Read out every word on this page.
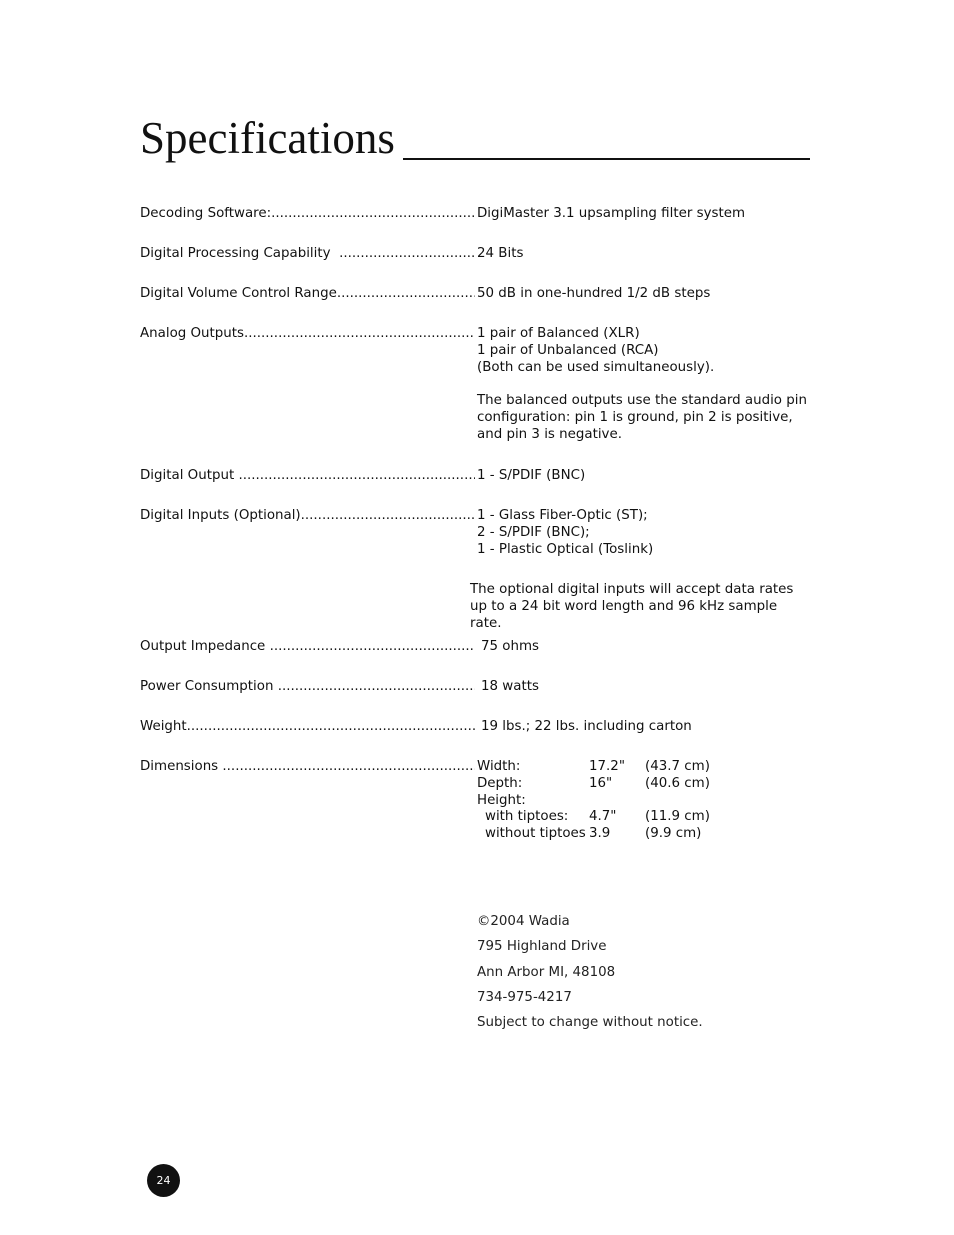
Specifications
Decoding Software: .....	DigiMaster 3.1 upsampling filter system
Digital Processing Capability   .....	24 Bits
Digital Volume Control Range .....	50 dB in one-hundred 1/2 dB steps
Analog Outputs .....	1 pair of Balanced (XLR)
1 pair of Unbalanced (RCA)
(Both can be used simultaneously).
The balanced outputs use the standard audio pin configuration: pin 1 is ground, pin 2 is positive, and pin 3 is negative.
Digital Output  .....	1 - S/PDIF (BNC)
Digital Inputs (Optional) .....	1 - Glass Fiber-Optic (ST);
2 - S/PDIF (BNC);
1 - Plastic Optical (Toslink)
The optional digital inputs will accept data rates up to a 24 bit word length and 96 kHz sample rate.
Output Impedance  .....	75 ohms
Power Consumption  .....	18 watts
Weight .....	19 lbs.; 22 lbs. including carton
Dimensions  .....	Width:	17.2"	(43.7 cm)
Depth:	16"	(40.6 cm)
Height:
with tiptoes:	4.7"	(11.9 cm)
without tiptoes 3.9	(9.9 cm)
©2004 Wadia
795 Highland Drive
Ann Arbor MI, 48108
734-975-4217
Subject to change without notice.
24
